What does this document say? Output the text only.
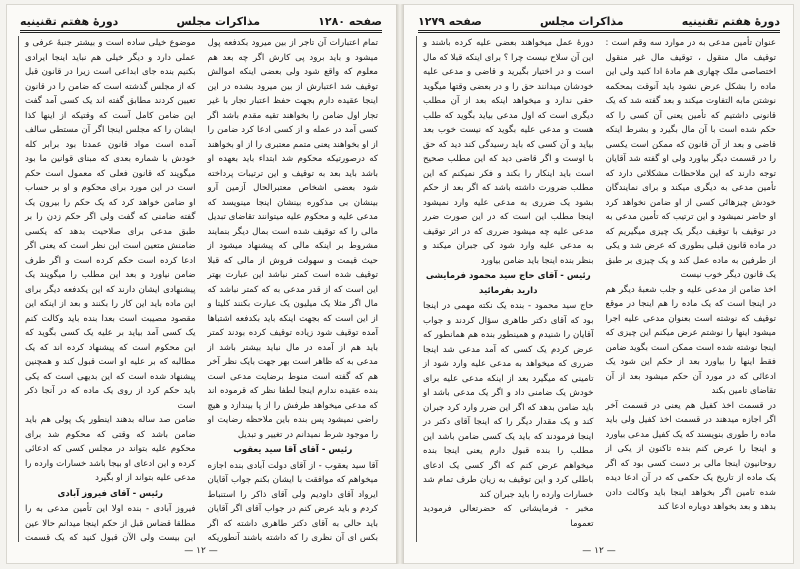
صفحه ۱۲۸۰
مذاکرات مجلس
دورهٔ هفتم تقنینیه

تمام اعتبارات آن تاجر از بین میرود بکدفعه پول میشود و باید برود پی کارش اگر چه بعد هم معلوم که واقع شود ولی بعضی اینکه اموالش توقیف شد اعتبارش از بین میرود بشده در این اینجا عقیده دارم بجهت حفظ اعتبار تجار با غیر تجار اول ضامن را بخواهند تقیه مقدم باشد اگر کسی آمد در عمله و از کسی ادعا کرد ضامن را از او بخواهند یعنی متمم معتبری را از او بخواهند که درصورتیکه محکوم شد ابتداء باید بعهده او باشد باید بعد به توقیف و این ترتیبات پرداخته شود بعضی اشخاص معتبرالحال آزمین آرو بینشان بی مذکوره بینشان اینجا مینویسد که مدعی علیه و محکوم علیه میتوانند تقاضای تبدیل مالی را که توقیف شده است بمال دیگر بنمایند مشروط بر اینکه مالی که پیشنهاد میشود از حیث قیمت و سهولت فروش از مالی که قبلا توقیف شده است کمتر نباشد این عبارت بهتر این است که از قدر مدعی به که کمتر نباشد که مال اگر مثلا یک میلیون یک عبارت بکنند کلیتا و از این است که بجهت اینکه باید بکدفعه اشتباها آمده توقیف شود زیاده توقیف کرده بودند کمتر باید هم از آمده در مال نباید بیشتر باشد از مدعی به که ظاهر است بهر جهت بایک نظر آخر هم که گفته است منوط برضایت مدعی است بنده عقیده ندارم اینجا لطفا نظر که قرموده اند که مدعی میخواهد طرفش را از پا بیندازد و هیچ راضی نمیشود پس بنده باین ملاحظه رضایت او را موجود شرط نمیدانم در تغییر و تبدیل

رئیس - آقای آقا سید یعقوب

آقا سید یعقوب - از آقای دولت آبادی بنده اجازه میخواهم که موافقت با ایشان بکنم جواب آقایان ایرواد آقای داودیم ولی آقای ذاکر را استنباط کردم و باید عرض کنم در جواب آقای اگر آقایان باید حالی به آقای دکتر طاهری داشته که اگر بکس ای آن نظری را که داشته باشند آنطوریکه

موضوع خیلی ساده است و بیشتر جنبهٔ عرفی و عملی دارد و دیگر خیلی هم نباید اینجا ایرادی بکنیم بنده جای ابداعی است زیرا در قانون قبل که از مجلس گذشته است که ضامن را در قانون تعیین کردند مطابق گفته اند یک کسی آمد گفت این ضامن کامل آست که وقتیکه از اینها کذا ایشان را که مجلس اینجا اگر آن مستطی سالف آمده است مواد قانون عمدتا بود برابر کله خودش با شماره بعدی که مبنای قوانین ما بود میگویند که قانون فعلی که معمول است حکم است در این مورد برای محکوم و او بر حساب او ضامن خواهد کرد که یک حکم را بیرون یک گفته ضامنی که گفت ولی اگر حکم زدن را بر طبق مدعی برای صلاحیت بدهد که یکسی ضامنش متعین است این نظر است که یعنی اگر ادعا کرده است حکم کرده است و اگر طرف ضامن نیاورد و بعد این مطلب را میگویند یک پیشنهادی ایشان دارند که این یکدفعه دیگر برای این ماده باید این کار را بکنند و بعد از اینکه این مقصود مصیبت است بعدا بنده باید وکالت کنم یک کسی آمد بیاید بر علیه یک کسی بگوید که این محکوم است که پیشنهاد کرده اند که یک مطالبه که بر علیه او است قبول کند و همچنین پیشنهاد شده است که این بدیهی است که یکی باید حکم کرد از روی یک ماده که در آنجا ذکر است

ضامن صد ساله بدهند اینطور یک پولی هم باید ضامن باشد که وقتی که محکوم شد برای محکوم علیه بتواند در مجلس کسی که ادعائی کرده و این ادعای او بیجا باشد خسارات وارده را مدعی علیه بتواند از او بگیرد

رئیس - آقای فیروز آبادی

فیروز آبادی - بنده اولا این تأمین مدعی به را مطلقا قضاس قبل از حکم اینجا میدانم حالا عین این بیست ولی الآن قبول کنید که یک قسمت

— ۱۲ —
دورهٔ هفتم تقنینیه
مذاکرات مجلس
صفحه ۱۲۷۹

عنوان تأمین مدعی به در موارد سه وقم است : توقیف مال منقول ، توقیف مال غیر منقول اختصاصی ملک چهاری هم مادهٔ ادا کنید ولی این ماده را بشکل عرض نشود باید آنوقت بمحکمه نوشتن مابه التفاوت میکند و بعد گفته شد که یک قانونی داشتیم که تأمین یعنی آن کسی را که حکم شده است با آن مال بگیرد و بشرط اینکه قاضی و بعد از آن قانون که ممکن است یکسی را در قسمت دیگر بیاورد ولی او گفته شد آقایان توجه دارند که این ملاحظات مشکلاتی دارد که تأمین مدعی به دیگری میکند و برای نمایندگان خودش چیزهائی کسی از او ضامن نخواهد کرد او حاضر نمیشود و این ترتیب که تأمین مدعی به در توقیف با توقیف دیگر یک چیزی میگیریم که در ماده قانون قبلی بطوری که عرض شد و یکی از طرفین به ماده عمل کند و یک چیزی بر طبق یک قانون دیگر خوب نیست

اخذ ضامن از مدعی علیه و جلب شعبهٔ دیگر هم در اینجا است که یک ماده را هم اینجا در موقع توقیف که نوشته است بعنوان مدعی علیه اجرا میشود اینها را نوشتم عرض میکنم این چیزی که اینجا نوشته شده است ممکن است بگوید ضامن فقط اینها را بیاورد بعد از حکم این شود یک ادعائی که در مورد آن حکم میشود بعد از آن تقاضای تامین بکند

در قسمت اخذ کفیل هم یعنی در قسمت آخر اگر اجازه میدهند در قسمت اخذ کفیل ولی باید ماده را طوری بنویسند که یک کفیل مدعی بیاورد و اینجا را عرض کنم بنده تاکنون از یکی از روحانیون اینجا مالی بر دست کسی بود که اگر یک ماده از تاریخ یک حکمی که در آن ادعا دیده شده تامین اگر بخواهد اینجا باید وکالت دادن بدهد و بعد بخواهد دوباره ادعا کند

دورهٔ عمل میخواهند بعضی علیه کرده باشند و این آن سلاح نیست چرا ؟ برای اینکه قبلا که مال است و در اختیار بگیرید و قاضی و مدعی علیه خودشان میدانند حق را و در بعضی وقتها میگوید حقی ندارد و میخواهد اینکه بعد از آن مطلب دیگری است که اول مدعی بیاید بگوید که طلب هست و مدعی علیه بگوید که نیست خوب بعد بیاید و آن کسی که باید رسیدگی کند دید که حق با اوست و اگر قاضی دید که این مطلب صحیح است باید اینکار را بکند و فکر نمیکنم که این مطلب ضرورت داشته باشد که اگر بعد از حکم بشود یک ضرری به مدعی علیه وارد نمیشود اینجا مطلب این است که در این صورت ضرر مدعی علیه چه میشود ضرری که در اثر توقیف به مدعی علیه وارد شود کی جبران میکند و بنظر بنده اینجا باید ضامن بیاورد

رئیس - آقای حاج سید محمود فرمایشی دارید بفرمائید

حاج سید محمود - بنده یک نکته مهمی در اینجا بود که آقای دکتر طاهری سؤال کردند و جواب آقایان را شنیدم و همینطور بنده هم همانطور که عرض کردم یک کسی که آمد مدعی شد اینجا ضرری که میخواهد به مدعی علیه وارد شود از تامینی که میگیرد بعد از اینکه مدعی علیه برای خودش یک ضامنی داد و اگر یک مدعی باشد او باید ضامن بدهد که اگر این ضرر وارد کرد جبران کند و یک مقدار دیگر را که اینجا آقای دکتر در اینجا فرمودند که باید یک کسی ضامن باشد این مطلب را بنده قبول دارم یعنی اینجا بنده میخواهم عرض کنم که اگر کسی یک ادعای باطلی کرد و این توقیف به زیان طرف تمام شد خسارات وارده را باید جبران کند

مخبر - فرمایشاتی که حضرتعالی فرمودید تعموما

— ۱۲ —
